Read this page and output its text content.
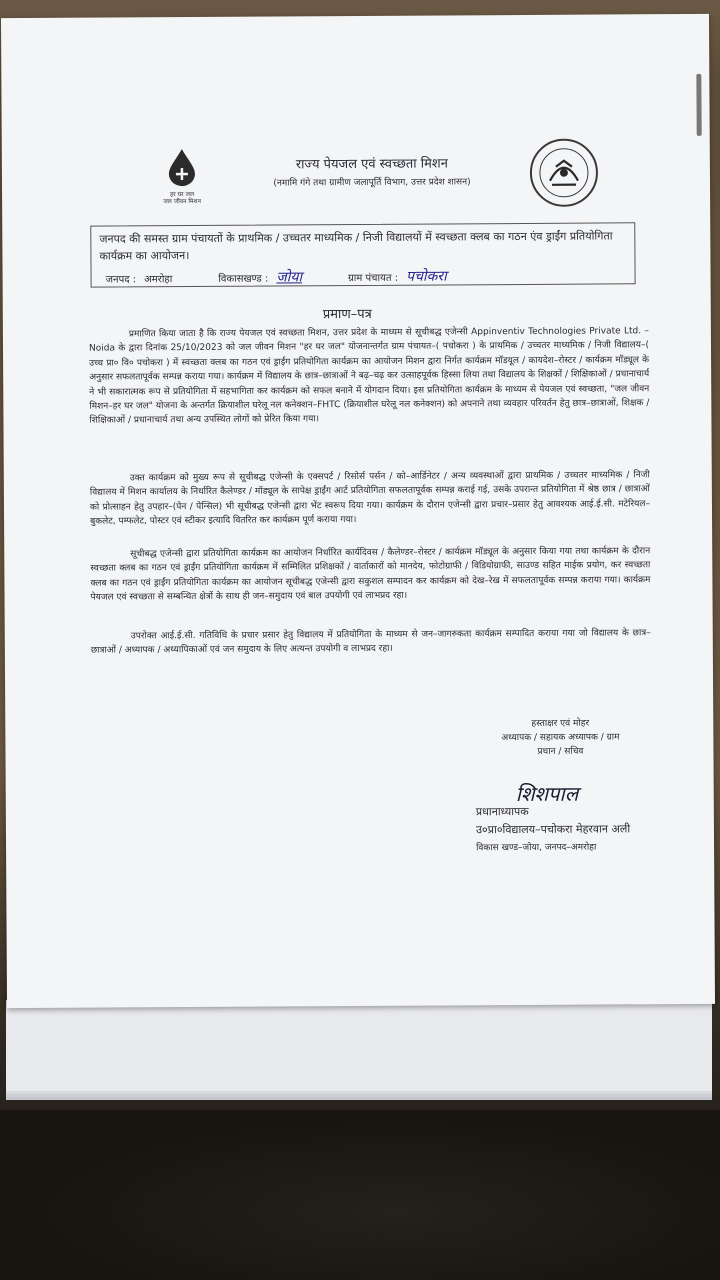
हर घर जल
जल जीवन मिशन
राज्य पेयजल एवं स्वच्छता मिशन
(नमामि गंगे तथा ग्रामीण जलापूर्ति विभाग, उत्तर प्रदेश शासन)
जनपद की समस्त ग्राम पंचायतों के प्राथमिक / उच्चतर माध्यमिक / निजी विद्यालयों में स्वच्छता क्लब का गठन एंव ड्राईंग प्रतियोगिता कार्यक्रम का आयोजन।
जनपद : अमरोहा	विकासखण्ड : जोया	ग्राम पंचायत : पचोकरा
प्रमाण–पत्र
प्रमाणित किया जाता है कि राज्य पेयजल एवं स्वच्छता मिशन, उत्तर प्रदेश के माध्यम से सूचीबद्ध एजेन्सी Appinventiv Technologies Private Ltd. – Noida के द्वारा दिनांक 25/10/2023 को जल जीवन मिशन "हर घर जल" योजनान्तर्गत ग्राम पंचायत–( पचोकरा ) के प्राथमिक / उच्चतर माध्यमिक / निजी विद्यालय–( उच्च प्रा० वि० पचोकरा ) में स्वच्छता क्लब का गठन एवं ड्राईंग प्रतियोगिता कार्यक्रम का आयोजन मिशन द्वारा निर्गत कार्यक्रम मॉडयूल / कायदेश–रोस्टर / कार्यक्रम मॉड्यूल के अनुसार सफलतापूर्वक सम्पन्न कराया गया। कार्यक्रम में विद्यालय के छात्र–छात्राओं ने बढ़–चढ़ कर उत्साहपूर्वक हिस्सा लिया तथा विद्यालय के शिक्षकों / शिक्षिकाओं / प्रधानाचार्य ने भी सकारात्मक रूप से प्रतियोगिता में सहभागिता कर कार्यक्रम को सफल बनाने में योगदान दिया। इस प्रतियोगिता कार्यक्रम के माध्यम से पेयजल एवं स्वच्छता, "जल जीवन मिशन–हर घर जल" योजना के अन्तर्गत क्रियाशील घरेलू नल कनेक्शन–FHTC (क्रियाशील घरेलू नल कनेक्शन) को अपनाने तथा व्यवहार परिवर्तन हेतु छात्र–छात्राओं, शिक्षक / शिक्षिकाओं / प्रधानाचार्य तथा अन्य उपस्थित लोगों को प्रेरित किया गया।
उक्त कार्यक्रम को मुख्य रूप से सूचीबद्ध एजेन्सी के एक्सपर्ट / रिसोर्स पर्सन / को–आर्डिनेटर / अन्य व्यवस्थाओं द्वारा प्राथमिक / उच्चतर माध्यमिक / निजी विद्यालय में मिशन कार्यालय के निर्धारित कैलेण्डर / मॉड्यूल के सापेक्ष ड्राईंग आर्ट प्रतियोगिता सफलतापूर्वक सम्पन्न कराई गई, उसके उपरान्त प्रतियोगिता में श्रेष्ठ छात्र / छात्राओं को प्रोत्साहन हेतु उपहार–(पेन / पेन्सिल) भी सूचीबद्ध एजेन्सी द्वारा भेंट स्वरूप दिया गया। कार्यक्रम के दौरान एजेन्सी द्वारा प्रचार–प्रसार हेतु आवश्यक आई.ई.सी. मटेरियल–बुकलेट, पम्फलेट, पोस्टर एवं स्टीकर इत्यादि वितरित कर कार्यक्रम पूर्ण कराया गया।
सूचीबद्ध एजेन्सी द्वारा प्रतियोगिता कार्यक्रम का आयोजन निर्धारित कार्यदिवस / कैलेण्डर–रोस्टर / कार्यक्रम मॉड्यूल के अनुसार किया गया तथा कार्यक्रम के दौरान स्वच्छता क्लब का गठन एवं ड्राईंग प्रतियोगिता कार्यक्रम में सम्मिलित प्रशिक्षकों / वार्ताकारों को मानदेय, फोटोग्राफी / विडियोग्राफी, साउण्ड सहित माईक प्रयोग, कर स्वच्छता क्लब का गठन एवं ड्राईंग प्रतियोगिता कार्यक्रम का आयोजन सूचीबद्ध एजेन्सी द्वारा सकुशल सम्पादन कर कार्यक्रम को देख–रेख में सफलतापूर्वक सम्पन्न कराया गया। कार्यक्रम पेयजल एवं स्वच्छता से सम्बन्धित क्षेत्रों के साथ ही जन–समुदाय एवं बाल उपयोगी एवं लाभप्रद रहा।
उपरोक्त आई.ई.सी. गतिविधि के प्रचार प्रसार हेतु विद्यालय में प्रतियोगिता के माध्यम से जन–जागरुकता कार्यक्रम सम्पादित कराया गया जो विद्यालय के छात्र–छात्राओं / अध्यापक / अध्यापिकाओं एवं जन समुदाय के लिए अत्यन्त उपयोगी व लाभप्रद रहा।
हस्ताक्षर एवं मोहर
अध्यापक / सहायक अध्यापक / ग्राम
प्रधान / सचिव
शिशपाल
प्रधानाध्यापक
उ०प्रा०विद्यालय–पचोकरा मेहरवान अली
विकास खण्ड–जोया, जनपद–अमरोहा
